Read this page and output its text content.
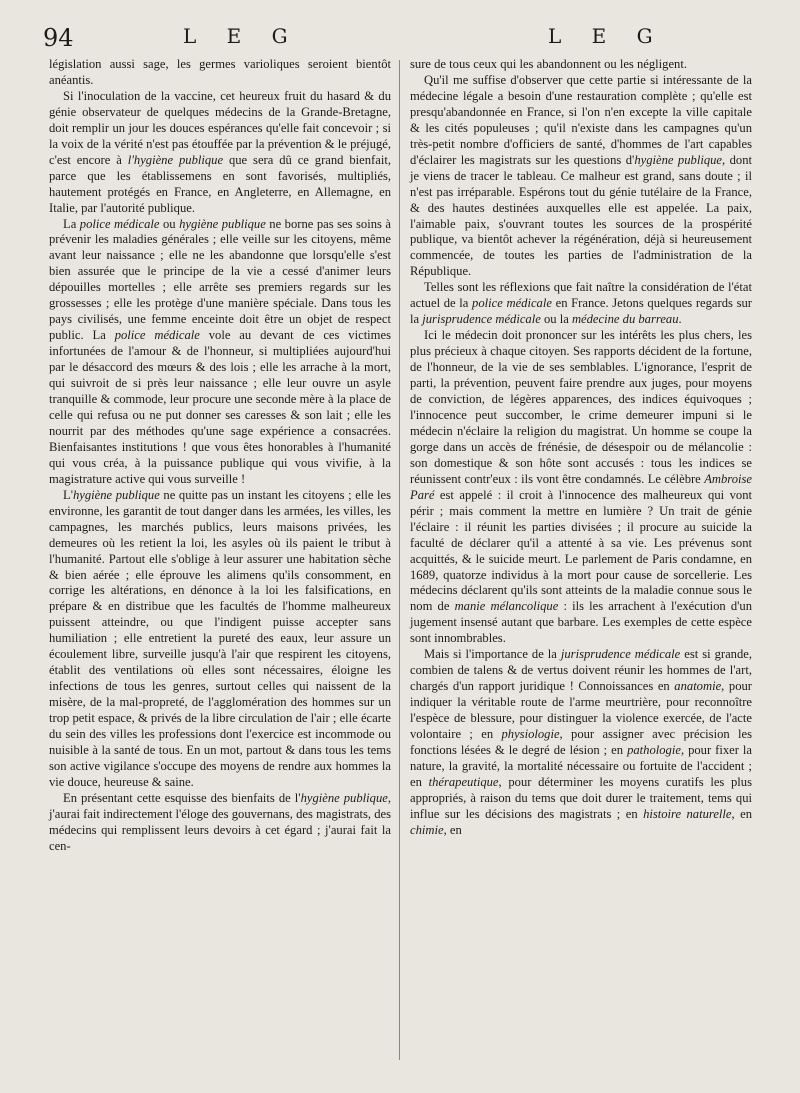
94	L E G	L E G

législation aussi sage, les germes varioliques seroient bientôt anéantis.

Si l'inoculation de la vaccine, cet heureux fruit du hasard & du génie observateur de quelques médecins de la Grande-Bretagne, doit remplir un jour les douces espérances qu'elle fait concevoir ; si la voix de la vérité n'est pas étouffée par la prévention & le préjugé, c'est encore à l'hygiène publique que sera dû ce grand bienfait, parce que les établissemens en sont favorisés, multipliés, hautement protégés en France, en Angleterre, en Allemagne, en Italie, par l'autorité publique.

La police médicale ou hygiène publique ne borne pas ses soins à prévenir les maladies générales ; elle veille sur les citoyens, même avant leur naissance ; elle ne les abandonne que lorsqu'elle s'est bien assurée que le principe de la vie a cessé d'animer leurs dépouilles mortelles ; elle arrête ses premiers regards sur les grossesses ; elle les protège d'une manière spéciale. Dans tous les pays civilisés, une femme enceinte doit être un objet de respect public. La police médicale vole au devant de ces victimes infortunées de l'amour & de l'honneur, si multipliées aujourd'hui par le désaccord des mœurs & des lois ; elle les arrache à la mort, qui suivroit de si près leur naissance ; elle leur ouvre un asyle tranquille & commode, leur procure une seconde mère à la place de celle qui refusa ou ne put donner ses caresses & son lait ; elle les nourrit par des méthodes qu'une sage expérience a consacrées. Bienfaisantes institutions ! que vous êtes honorables à l'humanité qui vous créa, à la puissance publique qui vous vivifie, à la magistrature active qui vous surveille !

L'hygiène publique ne quitte pas un instant les citoyens ; elle les environne, les garantit de tout danger dans les armées, les villes, les campagnes, les marchés publics, leurs maisons privées, les demeures où les retient la loi, les asyles où ils paient le tribut à l'humanité. Partout elle s'oblige à leur assurer une habitation sèche & bien aérée ; elle éprouve les alimens qu'ils consomment, en corrige les altérations, en dénonce à la loi les falsifications, en prépare & en distribue que les facultés de l'homme malheureux puissent atteindre, ou que l'indigent puisse accepter sans humiliation ; elle entretient la pureté des eaux, leur assure un écoulement libre, surveille jusqu'à l'air que respirent les citoyens, établit des ventilations où elles sont nécessaires, éloigne les infections de tous les genres, surtout celles qui naissent de la misère, de la mal-propreté, de l'agglomération des hommes sur un trop petit espace, & privés de la libre circulation de l'air ; elle écarte du sein des villes les professions dont l'exercice est incommode ou nuisible à la santé de tous. En un mot, partout & dans tous les tems son active vigilance s'occupe des moyens de rendre aux hommes la vie douce, heureuse & saine.

En présentant cette esquisse des bienfaits de l'hygiène publique, j'aurai fait indirectement l'éloge des gouvernans, des magistrats, des médecins qui remplissent leurs devoirs à cet égard ; j'aurai fait la cen-

sure de tous ceux qui les abandonnent ou les négligent.

Qu'il me suffise d'observer que cette partie si intéressante de la médecine légale a besoin d'une restauration complète ; qu'elle est presqu'abandonnée en France, si l'on n'en excepte la ville capitale & les cités populeuses ; qu'il n'existe dans les campagnes qu'un très-petit nombre d'officiers de santé, d'hommes de l'art capables d'éclairer les magistrats sur les questions d'hygiène publique, dont je viens de tracer le tableau. Ce malheur est grand, sans doute ; il n'est pas irréparable. Espérons tout du génie tutélaire de la France, & des hautes destinées auxquelles elle est appelée. La paix, l'aimable paix, s'ouvrant toutes les sources de la prospérité publique, va bientôt achever la régénération, déjà si heureusement commencée, de toutes les parties de l'administration de la République.

Telles sont les réflexions que fait naître la considération de l'état actuel de la police médicale en France. Jetons quelques regards sur la jurisprudence médicale ou la médecine du barreau.

Ici le médecin doit prononcer sur les intérêts les plus chers, les plus précieux à chaque citoyen. Ses rapports décident de la fortune, de l'honneur, de la vie de ses semblables. L'ignorance, l'esprit de parti, la prévention, peuvent faire prendre aux juges, pour moyens de conviction, de légères apparences, des indices équivoques ; l'innocence peut succomber, le crime demeurer impuni si le médecin n'éclaire la religion du magistrat. Un homme se coupe la gorge dans un accès de frénésie, de désespoir ou de mélancolie : son domestique & son hôte sont accusés : tous les indices se réunissent contr'eux : ils vont être condamnés. Le célèbre Ambroise Paré est appelé : il croit à l'innocence des malheureux qui vont périr ; mais comment la mettre en lumière ? Un trait de génie l'éclaire : il réunit les parties divisées ; il procure au suicide la faculté de déclarer qu'il a attenté à sa vie. Les prévenus sont acquittés, & le suicide meurt. Le parlement de Paris condamne, en 1689, quatorze individus à la mort pour cause de sorcellerie. Les médecins déclarent qu'ils sont atteints de la maladie connue sous le nom de manie mélancolique : ils les arrachent à l'exécution d'un jugement insensé autant que barbare. Les exemples de cette espèce sont innombrables.

Mais si l'importance de la jurisprudence médicale est si grande, combien de talens & de vertus doivent réunir les hommes de l'art, chargés d'un rapport juridique ! Connoissances en anatomie, pour indiquer la véritable route de l'arme meurtrière, pour reconnoître l'espèce de blessure, pour distinguer la violence exercée, de l'acte volontaire ; en physiologie, pour assigner avec précision les fonctions lésées & le degré de lésion ; en pathologie, pour fixer la nature, la gravité, la mortalité nécessaire ou fortuite de l'accident ; en thérapeutique, pour déterminer les moyens curatifs les plus appropriés, à raison du tems que doit durer le traitement, tems qui influe sur les décisions des magistrats ; en histoire naturelle, en chimie, en
